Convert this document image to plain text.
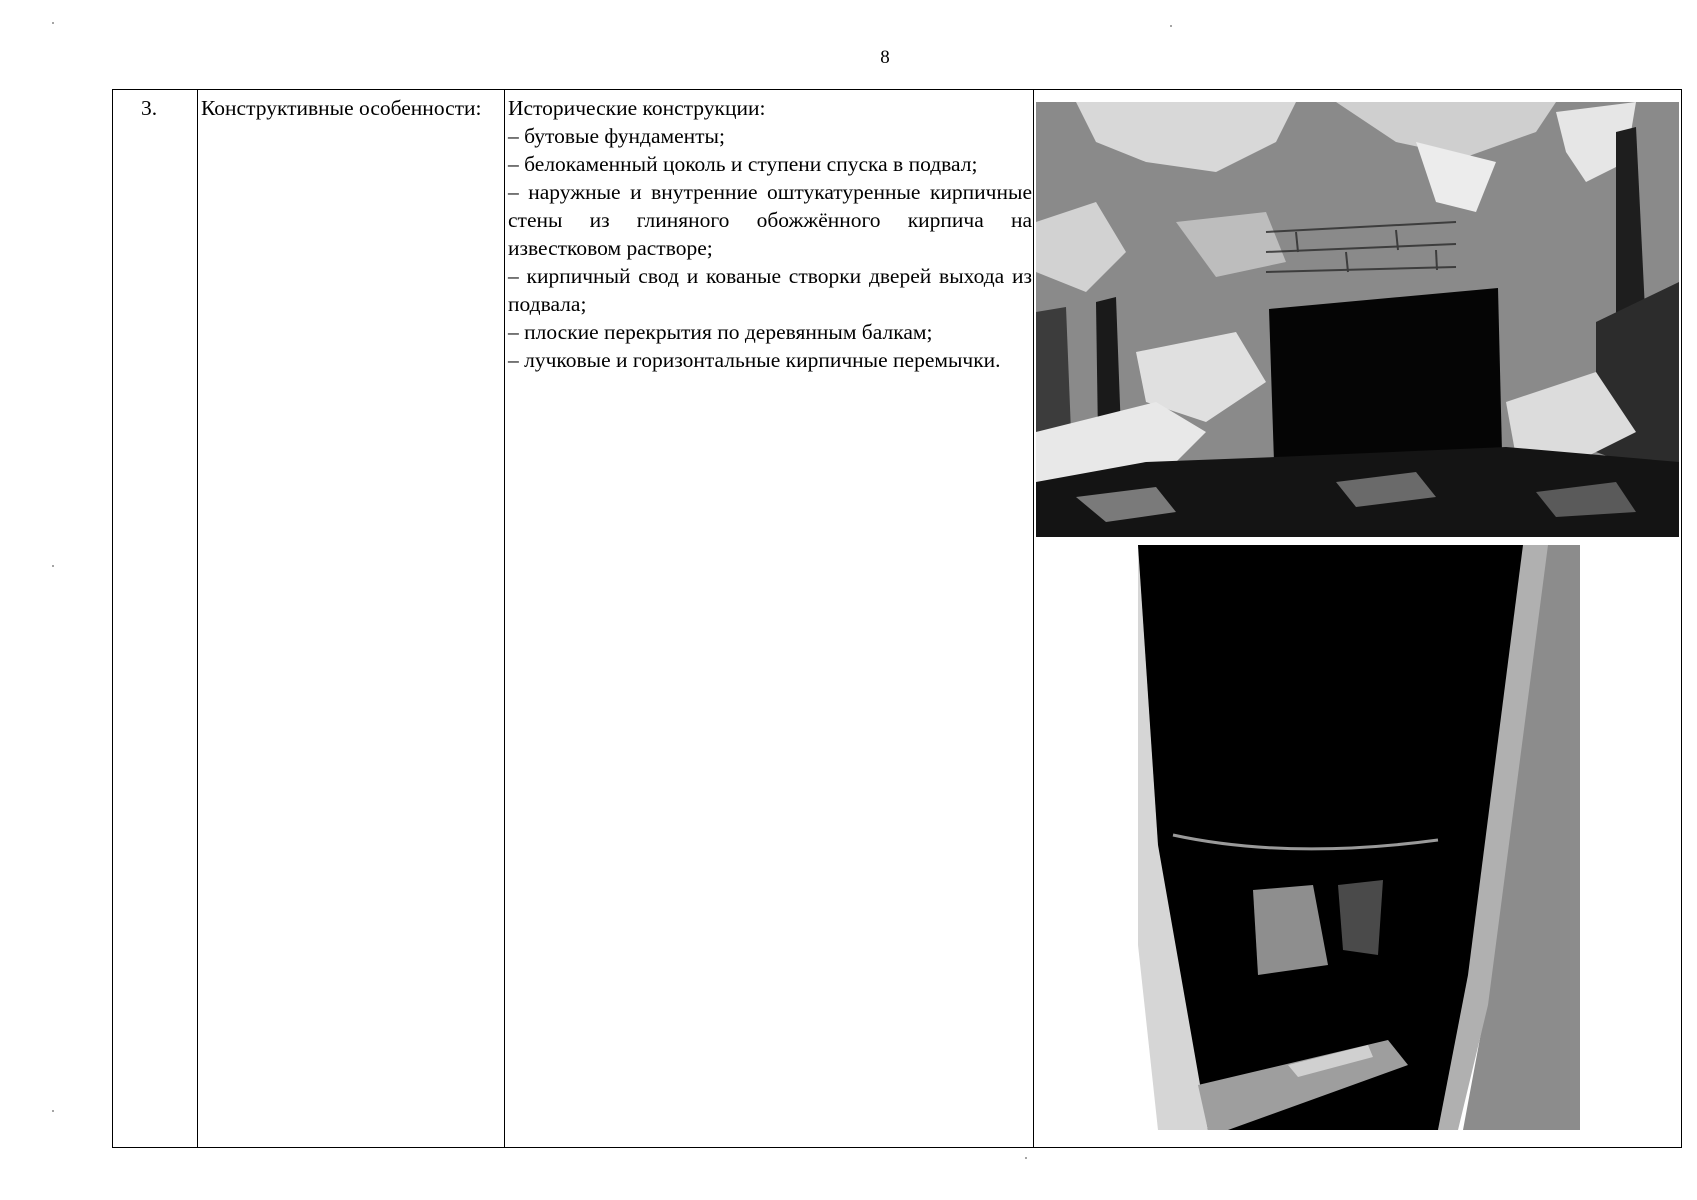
8
3.	Конструктивные особенности:	Исторические конструкции:

– бутовые фундаменты;

– белокаменный цоколь и ступени спуска в подвал;

– наружные и внутренние оштукатуренные кирпичные стены из глиняного обожжённого кирпича на известковом растворе;

– кирпичный свод и кованые створки дверей выхода из подвала;

– плоские перекрытия по деревянным балкам;

– лучковые и горизонтальные кирпичные перемычки.
